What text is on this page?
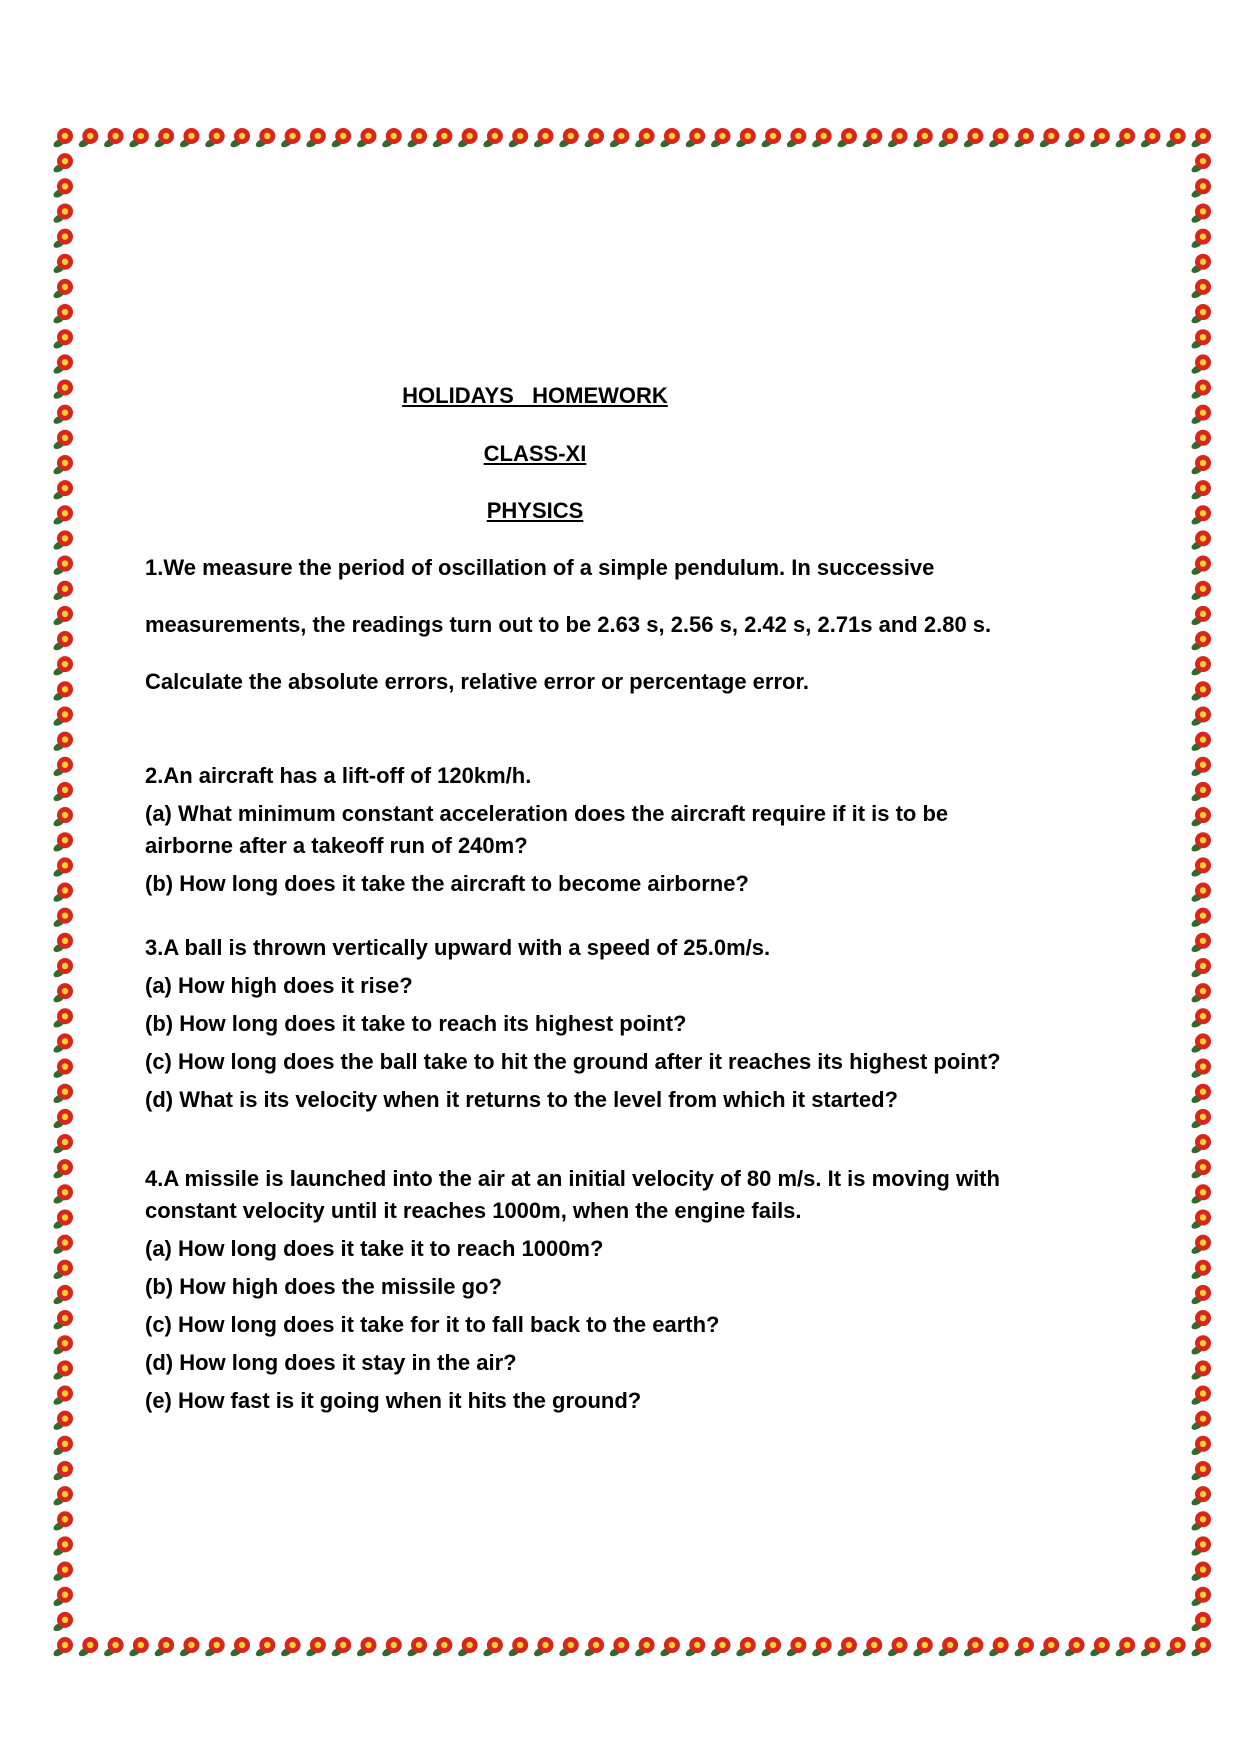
HOLIDAYS   HOMEWORK
CLASS-XI
PHYSICS

1.We measure the period of oscillation of a simple pendulum. In successive

measurements, the readings turn out to be 2.63 s, 2.56 s, 2.42 s, 2.71s and 2.80 s.

Calculate the absolute errors, relative error or percentage error.

2.An aircraft has a lift-off of 120km/h.

(a) What minimum constant acceleration does the aircraft require if it is to be airborne after a takeoff run of 240m?

(b) How long does it take the aircraft to become airborne?

3.A ball is thrown vertically upward with a speed of 25.0m/s.

(a) How high does it rise?

(b) How long does it take to reach its highest point?

(c) How long does the ball take to hit the ground after it reaches its highest point?

(d) What is its velocity when it returns to the level from which it started?

4.A missile is launched into the air at an initial velocity of 80 m/s. It is moving with constant velocity until it reaches 1000m, when the engine fails.

(a) How long does it take it to reach 1000m?

(b) How high does the missile go?

(c) How long does it take for it to fall back to the earth?

(d) How long does it stay in the air?

(e) How fast is it going when it hits the ground?
